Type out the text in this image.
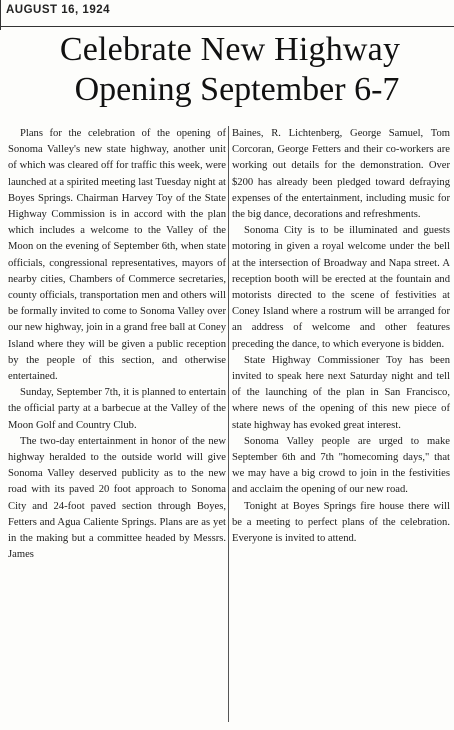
AUGUST 16, 1924
Celebrate New Highway
Opening September 6-7

Plans for the celebration of the opening of Sonoma Valley's new state highway, another unit of which was cleared off for traffic this week, were launched at a spirited meeting last Tuesday night at Boyes Springs. Chairman Harvey Toy of the State Highway Commission is in accord with the plan which includes a welcome to the Valley of the Moon on the evening of September 6th, when state officials, congressional representatives, mayors of nearby cities, Chambers of Commerce secretaries, county officials, transportation men and others will be formally invited to come to Sonoma Valley over our new highway, join in a grand free ball at Coney Island where they will be given a public reception by the people of this section, and otherwise entertained.

Sunday, September 7th, it is planned to entertain the official party at a barbecue at the Valley of the Moon Golf and Country Club.

The two-day entertainment in honor of the new highway heralded to the outside world will give Sonoma Valley deserved publicity as to the new road with its paved 20 foot approach to Sonoma City and 24-foot paved section through Boyes, Fetters and Agua Caliente Springs. Plans are as yet in the making but a committee headed by Messrs. James

Baines, R. Lichtenberg, George Samuel, Tom Corcoran, George Fetters and their co-workers are working out details for the demonstration. Over $200 has already been pledged toward defraying expenses of the entertainment, including music for the big dance, decorations and refreshments.

Sonoma City is to be illuminated and guests motoring in given a royal welcome under the bell at the intersection of Broadway and Napa street. A reception booth will be erected at the fountain and motorists directed to the scene of festivities at Coney Island where a rostrum will be arranged for an address of welcome and other features preceding the dance, to which everyone is bidden.

State Highway Commissioner Toy has been invited to speak here next Saturday night and tell of the launching of the plan in San Francisco, where news of the opening of this new piece of state highway has evoked great interest.

Sonoma Valley people are urged to make September 6th and 7th "homecoming days," that we may have a big crowd to join in the festivities and acclaim the opening of our new road.

Tonight at Boyes Springs fire house there will be a meeting to perfect plans of the celebration. Everyone is invited to attend.
